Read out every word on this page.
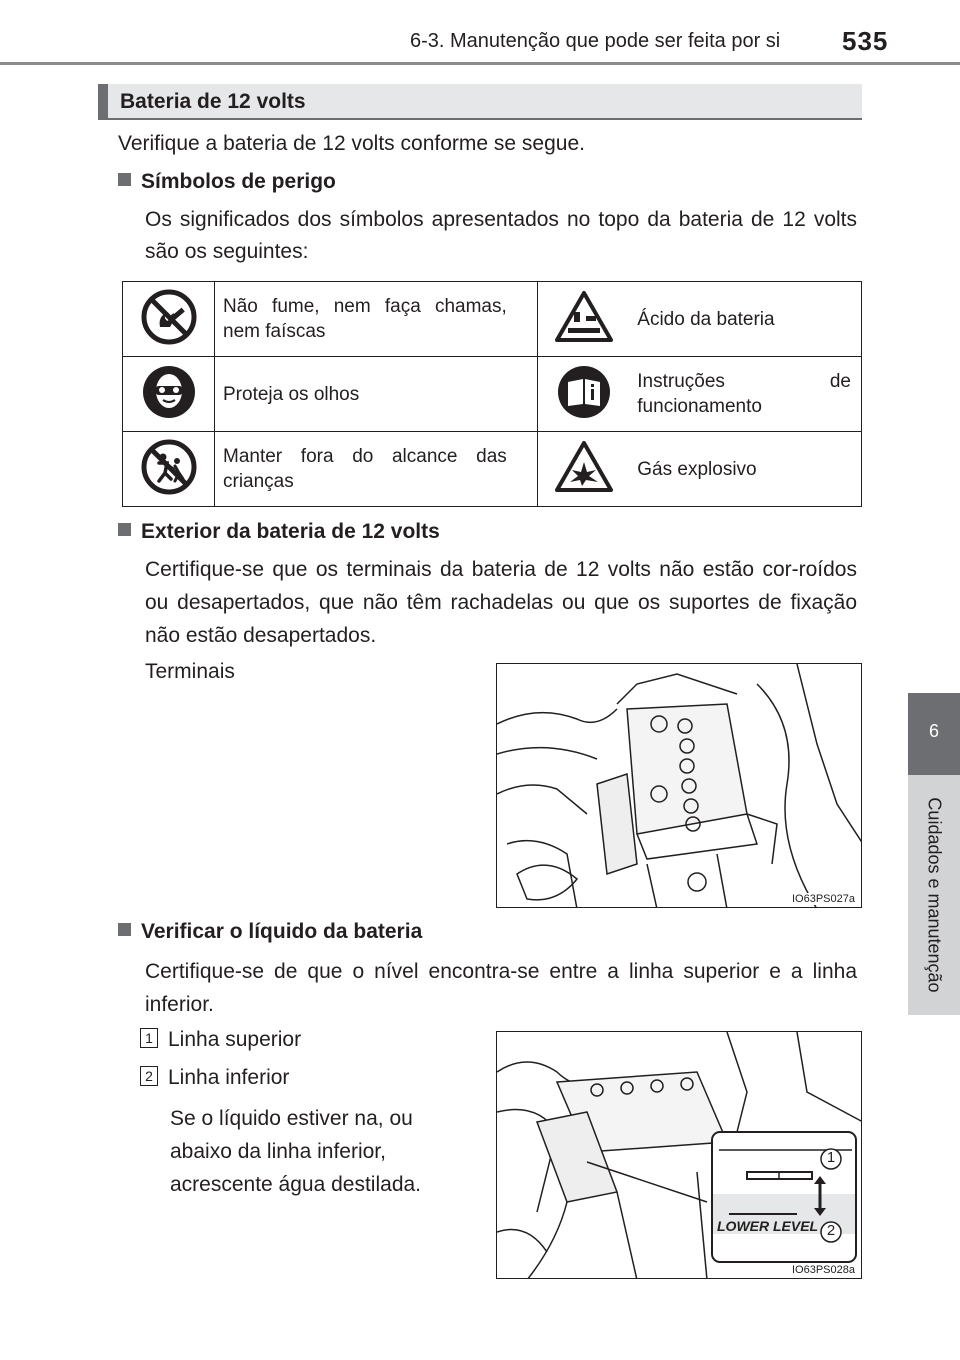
6-3. Manutenção que pode ser feita por si 535
6
Cuidados e manutenção
Bateria de 12 volts
Verifique a bateria de 12 volts conforme se segue.
Símbolos de perigo
Os significados dos símbolos apresentados no topo da bateria de 12 volts são os seguintes:
	Não fume, nem faça chamas, nem faíscas		Ácido da bateria
	Proteja os olhos		Instruções de funcionamento
	Manter fora do alcance das crianças		Gás explosivo
Exterior da bateria de 12 volts
Certifique-se que os terminais da bateria de 12 volts não estão cor-roídos ou desapertados, que não têm rachadelas ou que os suportes de fixação não estão desapertados.
Terminais
IO63PS027a
Verificar o líquido da bateria
Certifique-se de que o nível encontra-se entre a linha superior e a linha inferior.
1 Linha superior
2 Linha inferior
Se o líquido estiver na, ou abaixo da linha inferior, acrescente água destilada.
LOWER LEVEL
1
2
IO63PS028a
